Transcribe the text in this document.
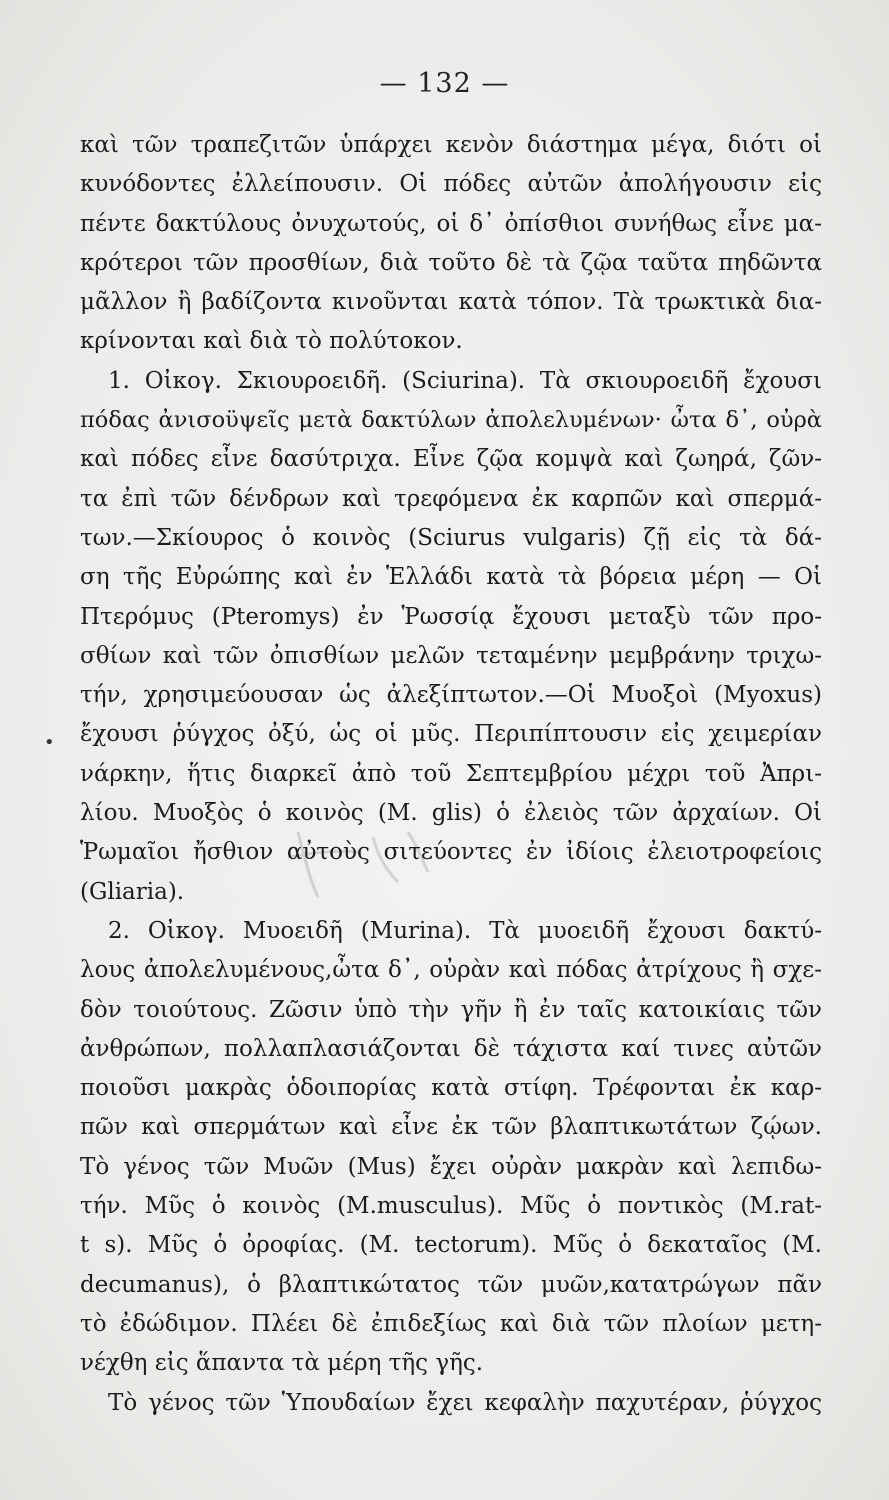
— 132 —
•
καὶ τῶν τραπεζιτῶν ὑπάρχει κενὸν διάστημα μέγα, διότι οἱ
κυνόδοντες ἐλλείπουσιν. Οἱ πόδες αὐτῶν ἀπολήγουσιν εἰς
πέντε δακτύλους ὀνυχωτούς, οἱ δ᾽ ὀπίσθιοι συνήθως εἶνε μα-
κρότεροι τῶν προσθίων, διὰ τοῦτο δὲ τὰ ζῷα ταῦτα πηδῶντα
μᾶλλον ἢ βαδίζοντα κινοῦνται κατὰ τόπον. Τὰ τρωκτικὰ δια-
κρίνονται καὶ διὰ τὸ πολύτοκον.
1. Οἰκογ. Σκιουροειδῆ. (Sciurina). Τὰ σκιουροειδῆ ἔχουσι
πόδας ἀνισοϋψεῖς μετὰ δακτύλων ἀπολελυμένων· ὦτα δ᾽, οὐρὰ
καὶ πόδες εἶνε δασύτριχα. Εἶνε ζῷα κομψὰ καὶ ζωηρά, ζῶν-
τα ἐπὶ τῶν δένδρων καὶ τρεφόμενα ἐκ καρπῶν καὶ σπερμά-
των.—Σκίουρος ὁ κοινὸς (Sciurus vulgaris) ζῇ εἰς τὰ δά-
ση τῆς Εὐρώπης καὶ ἐν Ἑλλάδι κατὰ τὰ βόρεια μέρη — Οἱ
Πτερόμυς (Pteromys) ἐν Ῥωσσίᾳ ἔχουσι μεταξὺ τῶν προ-
σθίων καὶ τῶν ὀπισθίων μελῶν τεταμένην μεμβράνην τριχω-
τήν, χρησιμεύουσαν ὡς ἀλεξίπτωτον.—Οἱ Μυοξοὶ (Myoxus)
ἔχουσι ῥύγχος ὀξύ, ὡς οἱ μῦς. Περιπίπτουσιν εἰς χειμερίαν
νάρκην, ἥτις διαρκεῖ ἀπὸ τοῦ Σεπτεμβρίου μέχρι τοῦ Ἀπρι-
λίου. Μυοξὸς ὁ κοινὸς (M. glis) ὁ ἐλειὸς τῶν ἀρχαίων. Οἱ
Ῥωμαῖοι ἤσθιον αὐτοὺς σιτεύοντες ἐν ἰδίοις ἐλειοτροφείοις
(Gliaria).
2. Οἰκογ. Μυοειδῆ (Murina). Τὰ μυοειδῆ ἔχουσι δακτύ-
λους ἀπολελυμένους,ὦτα δ᾽, οὐρὰν καὶ πόδας ἀτρίχους ἢ σχε-
δὸν τοιούτους. Ζῶσιν ὑπὸ τὴν γῆν ἢ ἐν ταῖς κατοικίαις τῶν
ἀνθρώπων, πολλαπλασιάζονται δὲ τάχιστα καί τινες αὐτῶν
ποιοῦσι μακρὰς ὁδοιπορίας κατὰ στίφη. Τρέφονται ἐκ καρ-
πῶν καὶ σπερμάτων καὶ εἶνε ἐκ τῶν βλαπτικωτάτων ζῴων.
Τὸ γένος τῶν Μυῶν (Mus) ἔχει οὐρὰν μακρὰν καὶ λεπιδω-
τήν. Μῦς ὁ κοινὸς (M.musculus). Μῦς ὁ ποντικὸς (M.rat-
t s). Μῦς ὁ ὀροφίας. (M. tectorum). Μῦς ὁ δεκαταῖος (M.
decumanus), ὁ βλαπτικώτατος τῶν μυῶν,κατατρώγων πᾶν
τὸ ἐδώδιμον. Πλέει δὲ ἐπιδεξίως καὶ διὰ τῶν πλοίων μετη-
νέχθη εἰς ἅπαντα τὰ μέρη τῆς γῆς.
Τὸ γένος τῶν Ὑπουδαίων ἔχει κεφαλὴν παχυτέραν, ῥύγχος
